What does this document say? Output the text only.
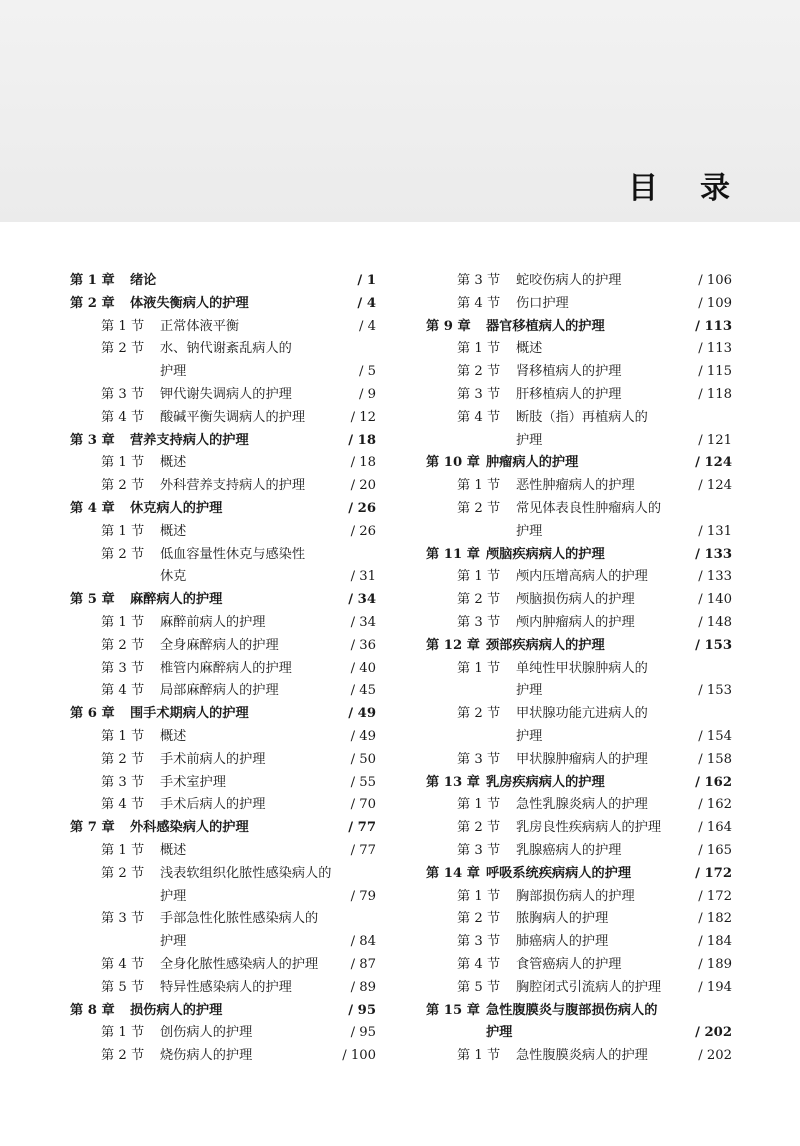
目 录
第 1 章 绪论	/ 1
第 2 章 体液失衡病人的护理	/ 4
第 1 节 正常体液平衡	/ 4
第 2 节 水、钠代谢紊乱病人的
护理	/ 5
第 3 节 钾代谢失调病人的护理	/ 9
第 4 节 酸碱平衡失调病人的护理	/ 12
第 3 章 营养支持病人的护理	/ 18
第 1 节 概述	/ 18
第 2 节 外科营养支持病人的护理	/ 20
第 4 章 休克病人的护理	/ 26
第 1 节 概述	/ 26
第 2 节 低血容量性休克与感染性
休克	/ 31
第 5 章 麻醉病人的护理	/ 34
第 1 节 麻醉前病人的护理	/ 34
第 2 节 全身麻醉病人的护理	/ 36
第 3 节 椎管内麻醉病人的护理	/ 40
第 4 节 局部麻醉病人的护理	/ 45
第 6 章 围手术期病人的护理	/ 49
第 1 节 概述	/ 49
第 2 节 手术前病人的护理	/ 50
第 3 节 手术室护理	/ 55
第 4 节 手术后病人的护理	/ 70
第 7 章 外科感染病人的护理	/ 77
第 1 节 概述	/ 77
第 2 节 浅表软组织化脓性感染病人的
护理	/ 79
第 3 节 手部急性化脓性感染病人的
护理	/ 84
第 4 节 全身化脓性感染病人的护理 / 87
第 5 节 特异性感染病人的护理	/ 89
第 8 章 损伤病人的护理	/ 95
第 1 节 创伤病人的护理	/ 95
第 2 节 烧伤病人的护理	/ 100
第 3 节 蛇咬伤病人的护理	/ 106
第 4 节 伤口护理	/ 109
第 9 章 器官移植病人的护理	/ 113
第 1 节 概述	/ 113
第 2 节 肾移植病人的护理	/ 115
第 3 节 肝移植病人的护理	/ 118
第 4 节 断肢（指）再植病人的
护理	/ 121
第 10 章 肿瘤病人的护理	/ 124
第 1 节 恶性肿瘤病人的护理	/ 124
第 2 节 常见体表良性肿瘤病人的
护理	/ 131
第 11 章 颅脑疾病病人的护理	/ 133
第 1 节 颅内压增高病人的护理	/ 133
第 2 节 颅脑损伤病人的护理	/ 140
第 3 节 颅内肿瘤病人的护理	/ 148
第 12 章 颈部疾病病人的护理	/ 153
第 1 节 单纯性甲状腺肿病人的
护理	/ 153
第 2 节 甲状腺功能亢进病人的
护理	/ 154
第 3 节 甲状腺肿瘤病人的护理	/ 158
第 13 章 乳房疾病病人的护理	/ 162
第 1 节 急性乳腺炎病人的护理	/ 162
第 2 节 乳房良性疾病病人的护理	/ 164
第 3 节 乳腺癌病人的护理	/ 165
第 14 章 呼吸系统疾病病人的护理	/ 172
第 1 节 胸部损伤病人的护理	/ 172
第 2 节 脓胸病人的护理	/ 182
第 3 节 肺癌病人的护理	/ 184
第 4 节 食管癌病人的护理	/ 189
第 5 节 胸腔闭式引流病人的护理	/ 194
第 15 章 急性腹膜炎与腹部损伤病人的
护理	/ 202
第 1 节 急性腹膜炎病人的护理	/ 202
